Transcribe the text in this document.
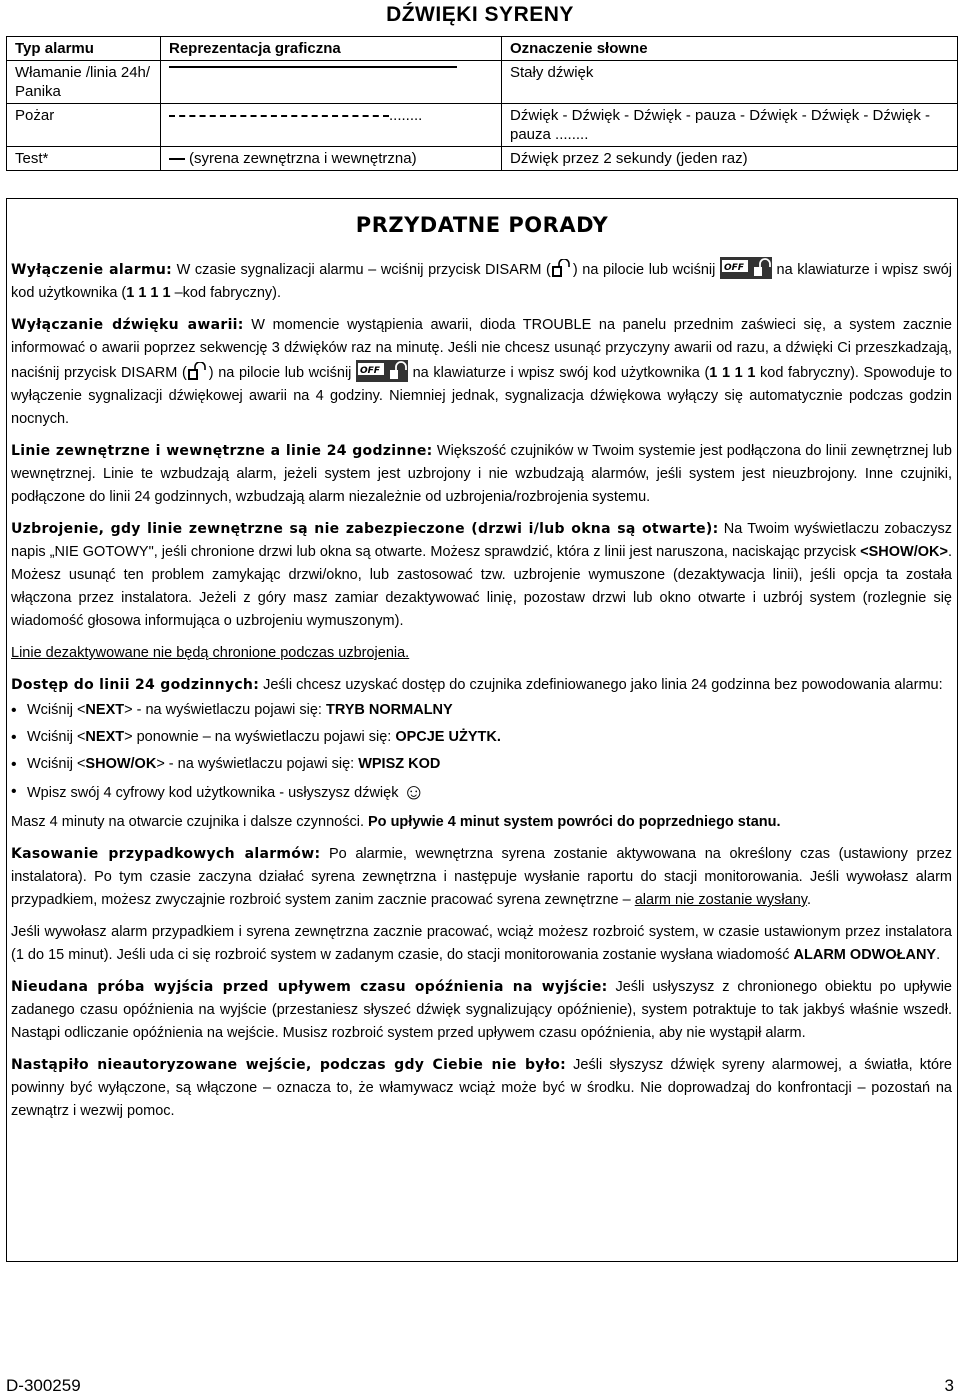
DŹWIĘKI SYRENY
Typ alarmu	Reprezentacja graficzna	Oznaczenie słowne
Włamanie /linia 24h/ Panika		Stały dźwięk
Pożar	........	Dźwięk - Dźwięk - Dźwięk - pauza - Dźwięk - Dźwięk - Dźwięk - pauza ........
Test*	(syrena zewnętrzna i wewnętrzna)	Dźwięk przez 2 sekundy (jeden raz)
PRZYDATNE PORADY

Wyłączenie alarmu: W czasie sygnalizacji alarmu – wciśnij przycisk DISARM ( ) na pilocie lub wciśnij OFF na klawiaturze i wpisz swój kod użytkownika (1 1 1 1 –kod fabryczny).

Wyłączanie dźwięku awarii: W momencie wystąpienia awarii, dioda TROUBLE na panelu przednim zaświeci się, a system zacznie informować o awarii poprzez sekwencję 3 dźwięków raz na minutę. Jeśli nie chcesz usunąć przyczyny awarii od razu, a dźwięki Ci przeszkadzają, naciśnij przycisk DISARM ( ) na pilocie lub wciśnij OFF na klawiaturze i wpisz swój kod użytkownika (1 1 1 1 kod fabryczny). Spowoduje to wyłączenie sygnalizacji dźwiękowej awarii na 4 godziny. Niemniej jednak, sygnalizacja dźwiękowa wyłączy się automatycznie podczas godzin nocnych.

Linie zewnętrzne i wewnętrzne a linie 24 godzinne: Większość czujników w Twoim systemie jest podłączona do linii zewnętrznej lub wewnętrznej. Linie te wzbudzają alarm, jeżeli system jest uzbrojony i nie wzbudzają alarmów, jeśli system jest nieuzbrojony. Inne czujniki, podłączone do linii 24 godzinnych, wzbudzają alarm niezależnie od uzbrojenia/rozbrojenia systemu.

Uzbrojenie, gdy linie zewnętrzne są nie zabezpieczone (drzwi i/lub okna są otwarte): Na Twoim wyświetlaczu zobaczysz napis „NIE GOTOWY", jeśli chronione drzwi lub okna są otwarte. Możesz sprawdzić, która z linii jest naruszona, naciskając przycisk <SHOW/OK>. Możesz usunąć ten problem zamykając drzwi/okno, lub zastosować tzw. uzbrojenie wymuszone (dezaktywacja linii), jeśli opcja ta została włączona przez instalatora. Jeżeli z góry masz zamiar dezaktywować linię, pozostaw drzwi lub okno otwarte i uzbrój system (rozlegnie się wiadomość głosowa informująca o uzbrojeniu wymuszonym).

Linie dezaktywowane nie będą chronione podczas uzbrojenia.

Dostęp do linii 24 godzinnych: Jeśli chcesz uzyskać dostęp do czujnika zdefiniowanego jako linia 24 godzinna bez powodowania alarmu:

• Wciśnij <NEXT> - na wyświetlaczu pojawi się: TRYB NORMALNY
• Wciśnij <NEXT> ponownie – na wyświetlaczu pojawi się: OPCJE UŻYTK.
• Wciśnij <SHOW/OK> - na wyświetlaczu pojawi się: WPISZ KOD
• Wpisz swój 4 cyfrowy kod użytkownika - usłyszysz dźwięk ☺

Masz 4 minuty na otwarcie czujnika i dalsze czynności. Po upływie 4 minut system powróci do poprzedniego stanu.

Kasowanie przypadkowych alarmów: Po alarmie, wewnętrzna syrena zostanie aktywowana na określony czas (ustawiony przez instalatora). Po tym czasie zaczyna działać syrena zewnętrzna i następuje wysłanie raportu do stacji monitorowania. Jeśli wywołasz alarm przypadkiem, możesz zwyczajnie rozbroić system zanim zacznie pracować syrena zewnętrzne – alarm nie zostanie wysłany.

Jeśli wywołasz alarm przypadkiem i syrena zewnętrzna zacznie pracować, wciąż możesz rozbroić system, w czasie ustawionym przez instalatora (1 do 15 minut). Jeśli uda ci się rozbroić system w zadanym czasie, do stacji monitorowania zostanie wysłana wiadomość ALARM ODWOŁANY.

Nieudana próba wyjścia przed upływem czasu opóźnienia na wyjście: Jeśli usłyszysz z chronionego obiektu po upływie zadanego czasu opóźnienia na wyjście (przestaniesz słyszeć dźwięk sygnalizujący opóźnienie), system potraktuje to tak jakbyś właśnie wszedł. Nastąpi odliczanie opóźnienia na wejście. Musisz rozbroić system przed upływem czasu opóźnienia, aby nie wystąpił alarm.

Nastąpiło nieautoryzowane wejście, podczas gdy Ciebie nie było: Jeśli słyszysz dźwięk syreny alarmowej, a światła, które powinny być wyłączone, są włączone – oznacza to, że włamywacz wciąż może być w środku. Nie doprowadzaj do konfrontacji – pozostań na zewnątrz i wezwij pomoc.

D-300259	3
